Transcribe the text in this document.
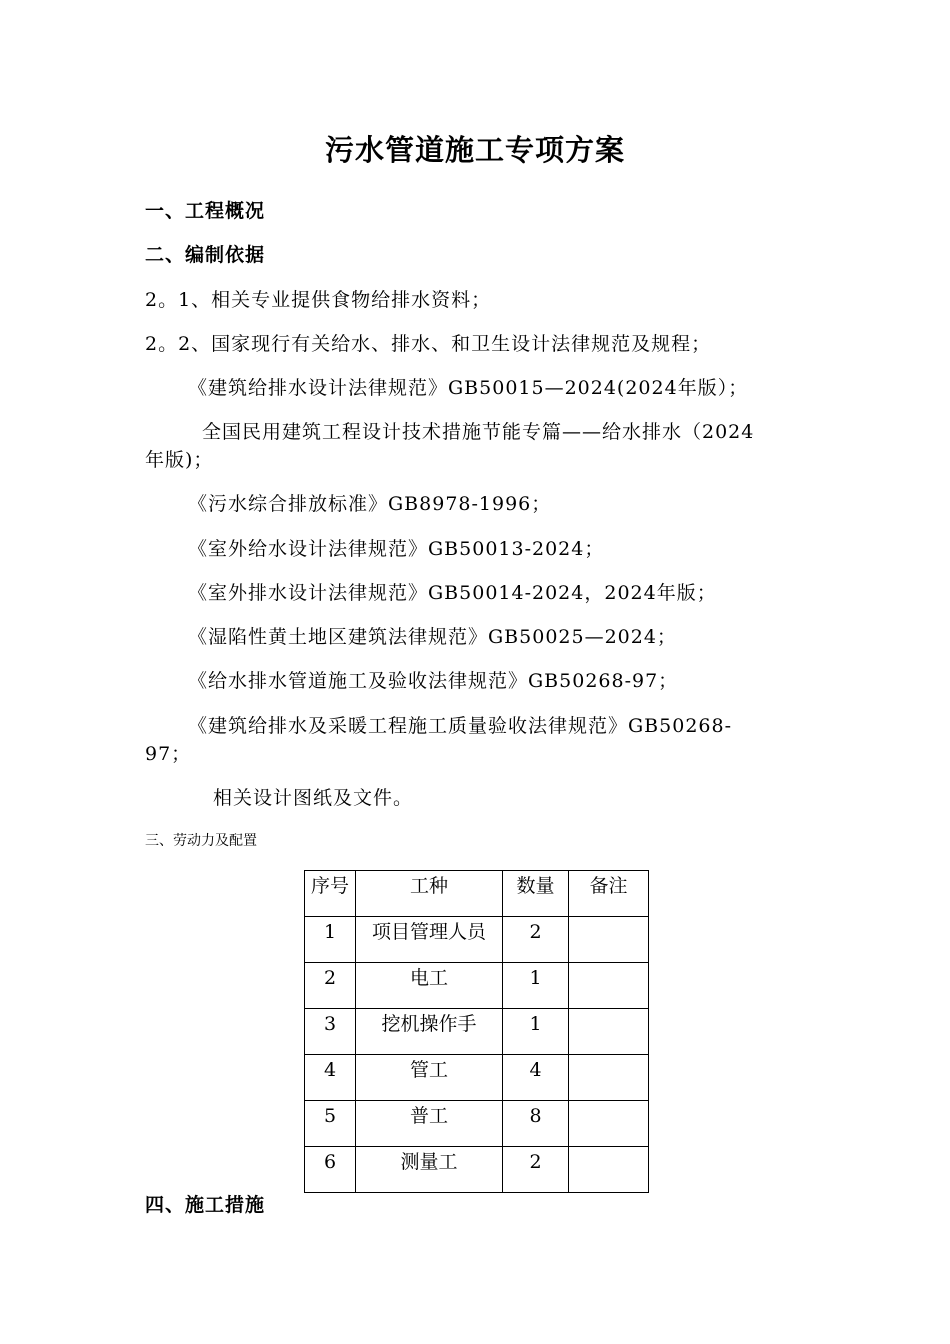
污水管道施工专项方案
一、工程概况
二、编制依据
2。1、相关专业提供食物给排水资料；
2。2、国家现行有关给水、排水、和卫生设计法律规范及规程；
《建筑给排水设计法律规范》GB50015—2024(2024年版）；
全国民用建筑工程设计技术措施节能专篇——给水排水（2024
年版)；
《污水综合排放标准》GB8978-1996；
《室外给水设计法律规范》GB50013-2024；
《室外排水设计法律规范》GB50014-2024，2024年版；
《湿陷性黄土地区建筑法律规范》GB50025—2024；
《给水排水管道施工及验收法律规范》GB50268-97；
《建筑给排水及采暖工程施工质量验收法律规范》GB50268-
97；
相关设计图纸及文件。
三、劳动力及配置
序号	工种	数量	备注
1	项目管理人员	2	
2	电工	1	
3	挖机操作手	1	
4	管工	4	
5	普工	8	
6	测量工	2	
四、施工措施
